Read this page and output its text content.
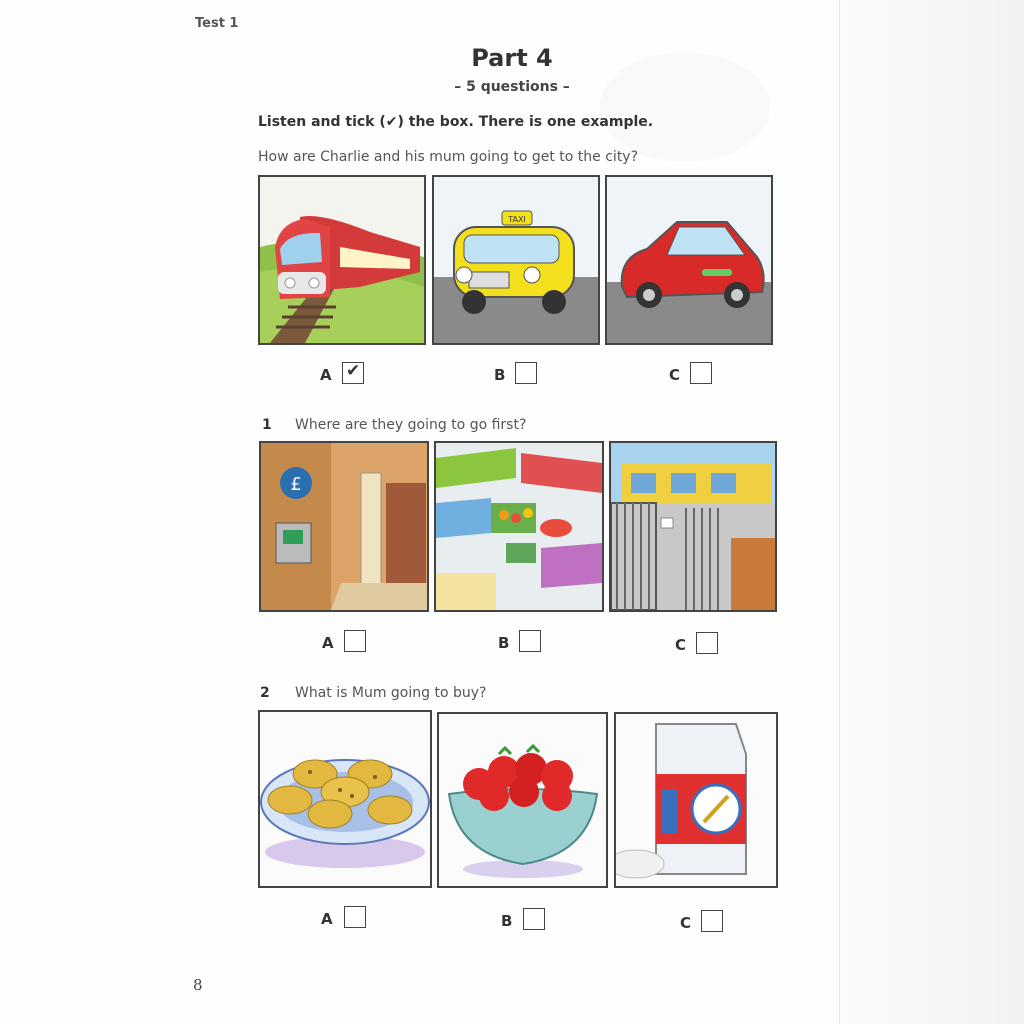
Test 1
Part 4
– 5 questions –
Listen and tick (✔) the box. There is one example.
How are Charlie and his mum going to get to the city?
TAXI
A ✔	B	C
1 Where are they going to go first?
£
A	B	C
2 What is Mum going to buy?
A	B	C
8
